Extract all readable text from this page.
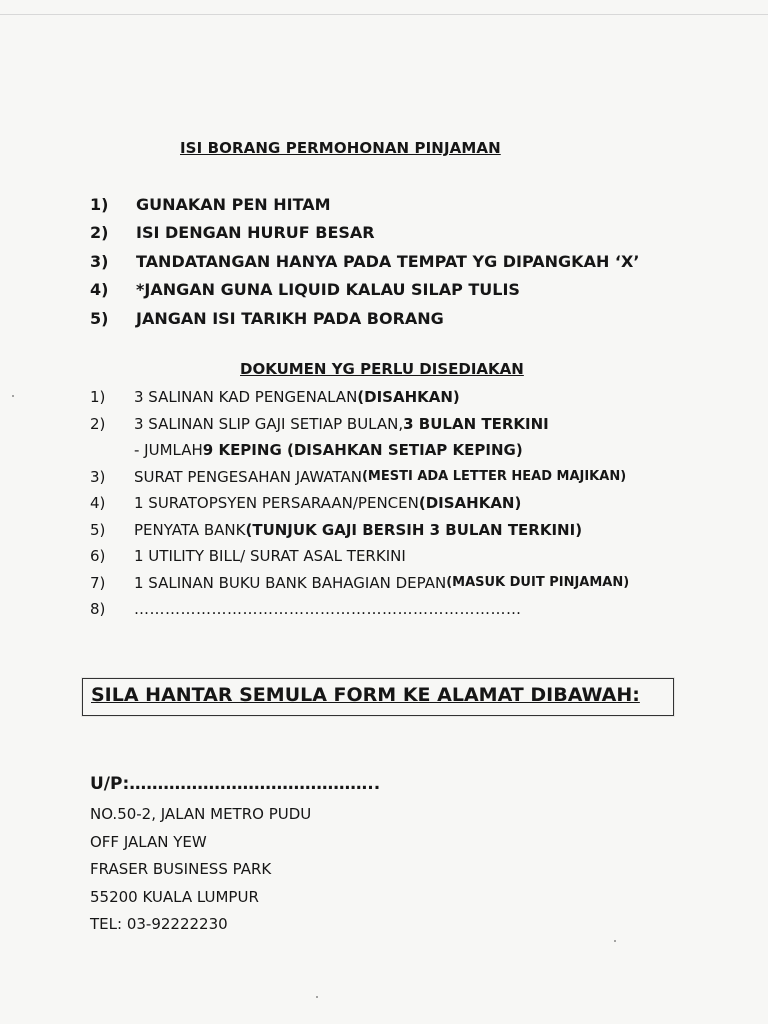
ISI BORANG PERMOHONAN PINJAMAN
1)	GUNAKAN PEN HITAM
2)	ISI DENGAN HURUF BESAR
3)	TANDATANGAN HANYA PADA TEMPAT YG DIPANGKAH ‘X’
4)	*JANGAN GUNA LIQUID KALAU SILAP TULIS
5)	JANGAN ISI TARIKH PADA BORANG
DOKUMEN YG PERLU DISEDIAKAN
1)	3 SALINAN KAD PENGENALAN (DISAHKAN)
2)	3 SALINAN SLIP GAJI SETIAP BULAN, 3 BULAN TERKINI
- JUMLAH 9 KEPING (DISAHKAN SETIAP KEPING)
3)	SURAT PENGESAHAN JAWATAN (MESTI ADA LETTER HEAD MAJIKAN)
4)	1 SURATOPSYEN PERSARAAN/PENCEN (DISAHKAN)
5)	PENYATA BANK (TUNJUK GAJI BERSIH 3 BULAN TERKINI)
6)	1 UTILITY BILL/ SURAT ASAL TERKINI
7)	1 SALINAN BUKU BANK BAHAGIAN DEPAN (MASUK DUIT PINJAMAN)
8)	…………………………………………………………………
SILA HANTAR SEMULA FORM KE ALAMAT DIBAWAH:
U/P:……………………………………..
NO.50-2, JALAN METRO PUDU
OFF JALAN YEW
FRASER BUSINESS PARK
55200 KUALA LUMPUR
TEL: 03-92222230
